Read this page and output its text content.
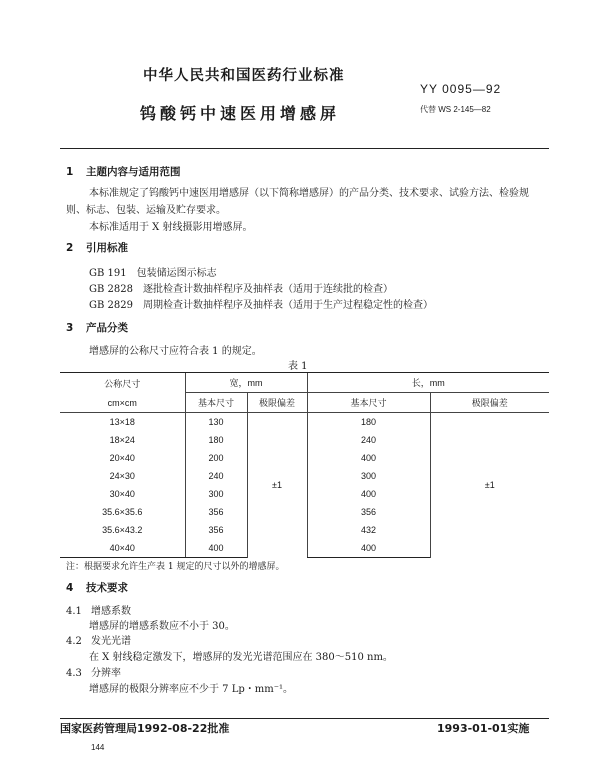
中华人民共和国医药行业标准
YY 0095—92
钨酸钙中速医用增感屏	代替 WS 2-145—82
1 主题内容与适用范围
本标准规定了钨酸钙中速医用增感屏（以下简称增感屏）的产品分类、技术要求、试验方法、检验规
则、标志、包装、运输及贮存要求。
本标准适用于 X 射线摄影用增感屏。
2 引用标准
GB 191　包装储运图示标志
GB 2828　逐批检查计数抽样程序及抽样表（适用于连续批的检查）
GB 2829　周期检查计数抽样程序及抽样表（适用于生产过程稳定性的检查）
3 产品分类
增感屏的公称尺寸应符合表 1 的规定。
表 1
公称尺寸
cm×cm	宽，mm		长，mm	
	基本尺寸	极限偏差	基本尺寸	极限偏差
13×18	130	±1	180	±1
18×24	180		240	
20×40	200		400	
24×30	240		300	
30×40	300		400	
35.6×35.6	356		356	
35.6×43.2	356		432	
40×40	400		400	
注：根据要求允许生产表 1 规定的尺寸以外的增感屏。
4 技术要求
4.1 增感系数
增感屏的增感系数应不小于 30。
4.2 发光光谱
在 X 射线稳定激发下，增感屏的发光光谱范围应在 380～510 nm。
4.3 分辨率
增感屏的极限分辨率应不少于 7 Lp・mm⁻¹。
国家医药管理局1992-08-22批准	1993-01-01实施
144
